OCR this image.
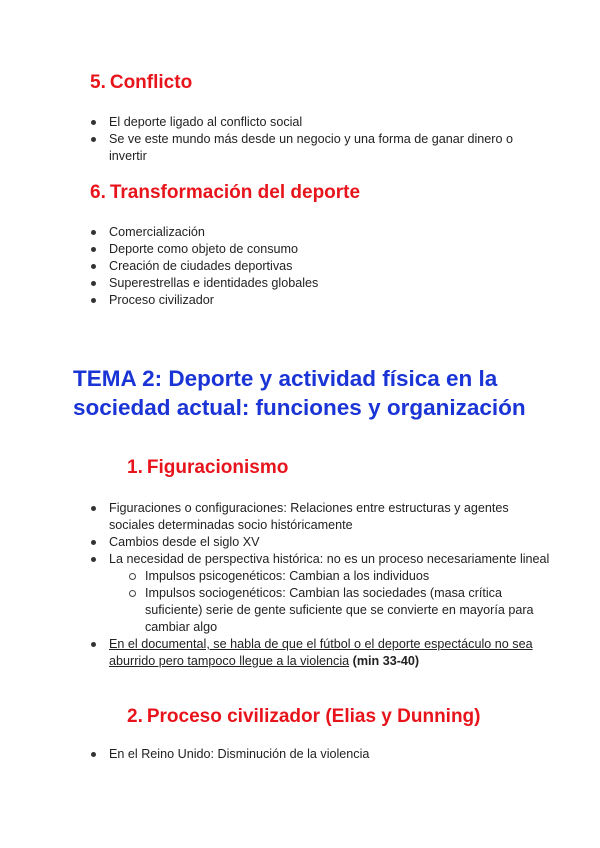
5. Conflicto
El deporte ligado al conflicto social
Se ve este mundo más desde un negocio y una forma de ganar dinero o invertir
6. Transformación del deporte
Comercialización
Deporte como objeto de consumo
Creación de ciudades deportivas
Superestrellas e identidades globales
Proceso civilizador
TEMA 2: Deporte y actividad física en la sociedad actual: funciones y organización
1. Figuracionismo
Figuraciones o configuraciones: Relaciones entre estructuras y agentes sociales determinadas socio históricamente
Cambios desde el siglo XV
La necesidad de perspectiva histórica: no es un proceso necesariamente lineal
Impulsos psicogenéticos: Cambian a los individuos
Impulsos sociogenéticos: Cambian las sociedades (masa crítica suficiente) serie de gente suficiente que se convierte en mayoría para cambiar algo
En el documental, se habla de que el fútbol o el deporte espectáculo no sea aburrido pero tampoco llegue a la violencia (min 33-40)
2. Proceso civilizador (Elias y Dunning)
En el Reino Unido: Disminución de la violencia
